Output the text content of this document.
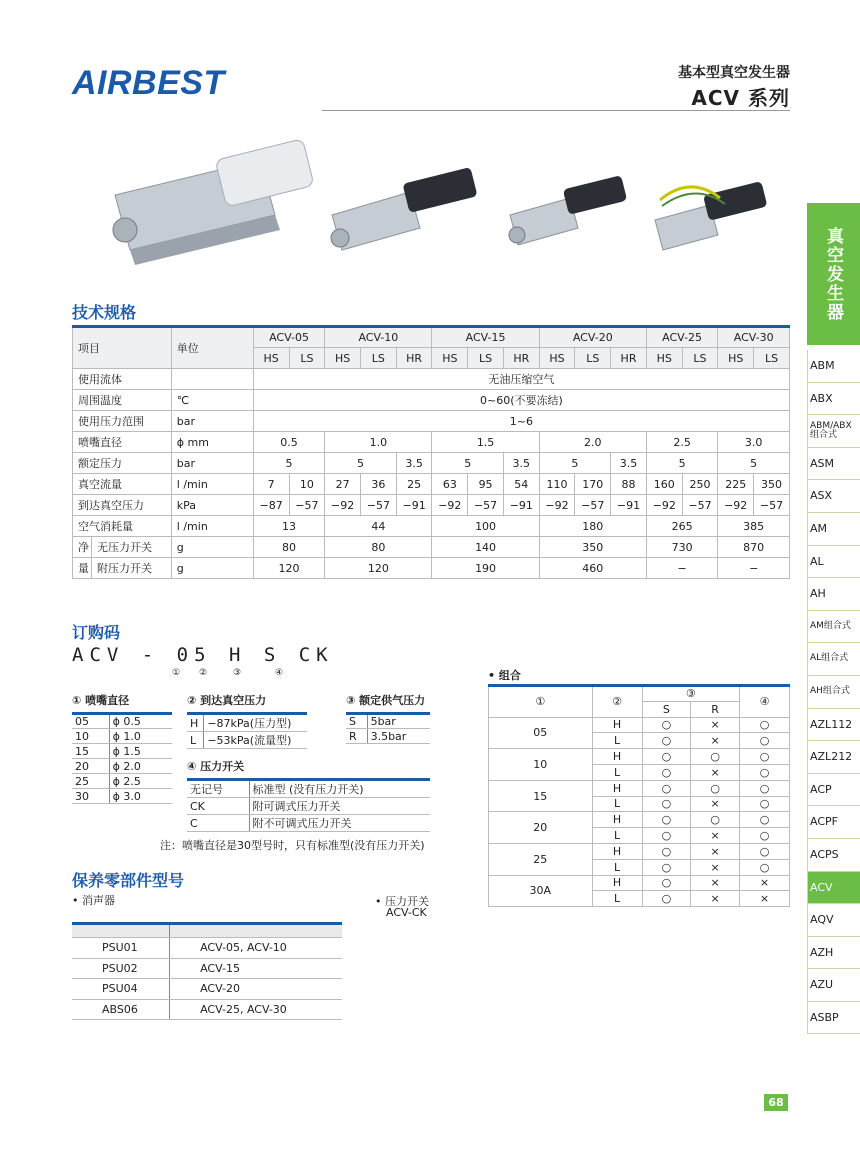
AIRBEST	基本型真空发生器
ACV 系列
真空发生器
ABM
ABX
ABM/ABX
组合式
ASM
ASX
AM
AL
AH
AM组合式
AL组合式
AH组合式
AZL112
AZL212
ACP
ACPF
ACPS
ACV
AQV
AZH
AZU
ASBP
技术规格
项目		单位	ACV-05		ACV-10			ACV-15			ACV-20			ACV-25		ACV-30	
			HS	LS	HS	LS	HR	HS	LS	HR	HS	LS	HR	HS	LS	HS	LS
使用流体			无油压缩空气														
周围温度		℃	0~60(不要冻结)														
使用压力范围		bar	1~6														
喷嘴直径		ϕ mm	0.5		1.0			1.5			2.0			2.5		3.0	
额定压力		bar	5		5		3.5	5		3.5	5		3.5	5		5	
真空流量		l /min	7	10	27	36	25	63	95	54	110	170	88	160	250	225	350
到达真空压力		kPa	−87	−57	−92	−57	−91	−92	−57	−91	−92	−57	−91	−92	−57	−92	−57
空气消耗量		l /min	13		44			100			180			265		385	
净	无压力开关	g	80		80			140			350			730		870	
量	附压力开关	g	120		120			190			460			−		−	
订购码
ACV - 05 H S CK
① ②	③	④
① 喷嘴直径
05	ϕ 0.5
10	ϕ 1.0
15	ϕ 1.5
20	ϕ 2.0
25	ϕ 2.5
30	ϕ 3.0
② 到达真空压力
H	−87kPa(压力型)
L	−53kPa(流量型)
③ 额定供气压力
S	5bar
R	3.5bar
④ 压力开关
无记号	标准型 (没有压力开关)
CK	附可调式压力开关
C	附不可调式压力开关
注：喷嘴直径是30型号时，只有标准型(没有压力开关)
• 组合
①	②	③		④
		S	R	
05	H	○	×	○
	L	○	×	○
10	H	○	○	○
	L	○	×	○
15	H	○	○	○
	L	○	×	○
20	H	○	○	○
	L	○	×	○
25	H	○	×	○
	L	○	×	○
30A	H	○	×	×
	L	○	×	×
保养零部件型号
• 消声器	• 压力开关
ACV-CK

PSU01	ACV-05, ACV-10
PSU02	ACV-15
PSU04	ACV-20
ABS06	ACV-25, ACV-30
68
